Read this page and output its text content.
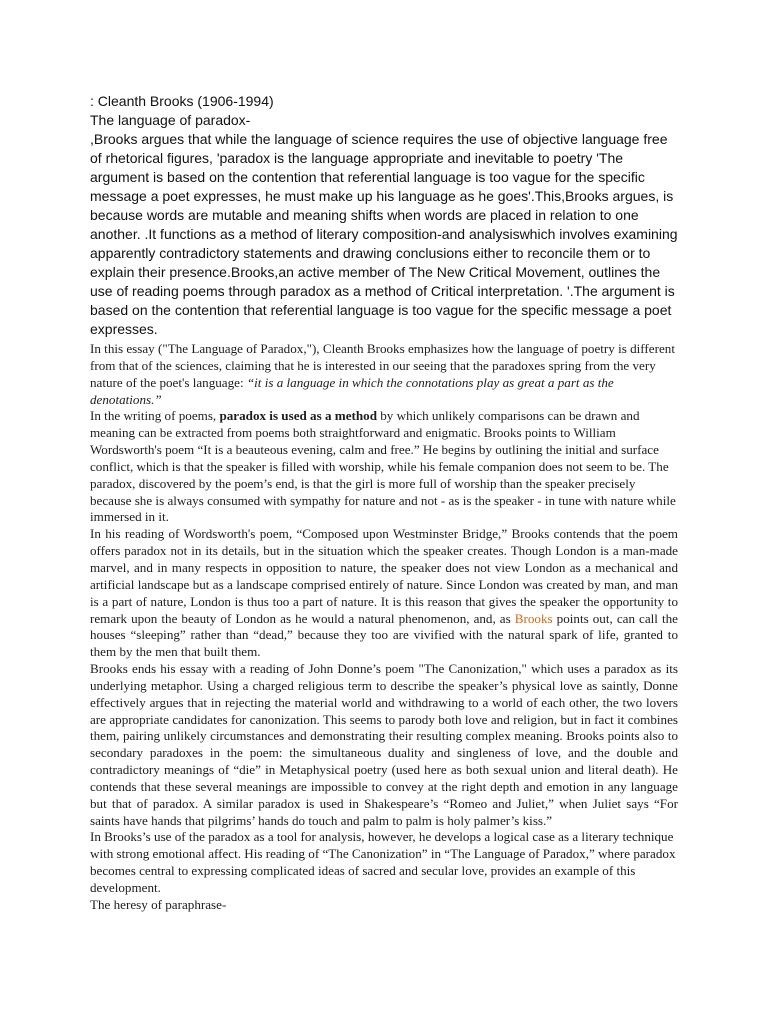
: Cleanth Brooks (1906-1994)

The language of paradox-

,Brooks argues that while the language of science requires the use of objective language free of rhetorical figures, 'paradox is the language appropriate and inevitable to poetry 'The argument is based on the contention that referential language is too vague for the specific message a poet expresses, he must make up his language as he goes'.This,Brooks argues, is because words are mutable and meaning shifts when words are placed in relation to one another. .It functions as a method of literary composition-and analysiswhich involves examining apparently contradictory statements and drawing conclusions either to reconcile them or to explain their presence.Brooks,an active member of The New Critical Movement, outlines the use of reading poems through paradox as a method of Critical interpretation. '.The argument is based on the contention that referential language is too vague for the specific message a poet expresses.

In this essay ("The Language of Paradox,"), Cleanth Brooks emphasizes how the language of poetry is different from that of the sciences, claiming that he is interested in our seeing that the paradoxes spring from the very nature of the poet's language: “it is a language in which the connotations play as great a part as the denotations.”

In the writing of poems, paradox is used as a method by which unlikely comparisons can be drawn and meaning can be extracted from poems both straightforward and enigmatic. Brooks points to William Wordsworth's poem “It is a beauteous evening, calm and free.” He begins by outlining the initial and surface conflict, which is that the speaker is filled with worship, while his female companion does not seem to be. The paradox, discovered by the poem’s end, is that the girl is more full of worship than the speaker precisely because she is always consumed with sympathy for nature and not - as is the speaker - in tune with nature while immersed in it.

In his reading of Wordsworth's poem, “Composed upon Westminster Bridge,” Brooks contends that the poem offers paradox not in its details, but in the situation which the speaker creates. Though London is a man-made marvel, and in many respects in opposition to nature, the speaker does not view London as a mechanical and artificial landscape but as a landscape comprised entirely of nature. Since London was created by man, and man is a part of nature, London is thus too a part of nature. It is this reason that gives the speaker the opportunity to remark upon the beauty of London as he would a natural phenomenon, and, as Brooks points out, can call the houses “sleeping” rather than “dead,” because they too are vivified with the natural spark of life, granted to them by the men that built them.

Brooks ends his essay with a reading of John Donne’s poem "The Canonization," which uses a paradox as its underlying metaphor. Using a charged religious term to describe the speaker’s physical love as saintly, Donne effectively argues that in rejecting the material world and withdrawing to a world of each other, the two lovers are appropriate candidates for canonization. This seems to parody both love and religion, but in fact it combines them, pairing unlikely circumstances and demonstrating their resulting complex meaning. Brooks points also to secondary paradoxes in the poem: the simultaneous duality and singleness of love, and the double and contradictory meanings of “die” in Metaphysical poetry (used here as both sexual union and literal death). He contends that these several meanings are impossible to convey at the right depth and emotion in any language but that of paradox. A similar paradox is used in Shakespeare’s “Romeo and Juliet,” when Juliet says “For saints have hands that pilgrims’ hands do touch and palm to palm is holy palmer’s kiss.”

In Brooks’s use of the paradox as a tool for analysis, however, he develops a logical case as a literary technique with strong emotional affect. His reading of “The Canonization” in “The Language of Paradox,” where paradox becomes central to expressing complicated ideas of sacred and secular love, provides an example of this development.

The heresy of paraphrase-
